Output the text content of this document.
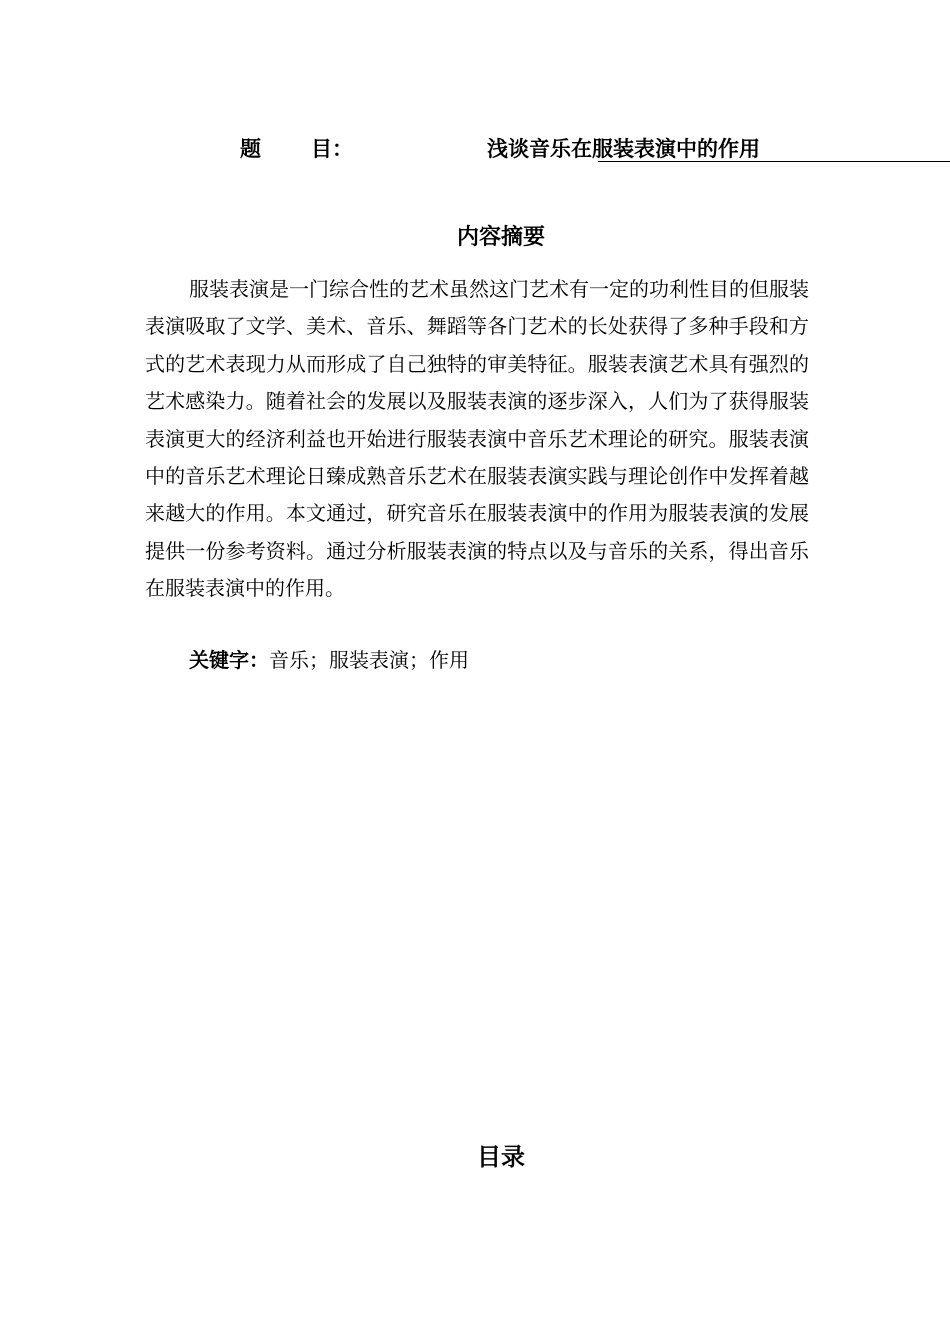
题 目：	浅谈音乐在服装表演中的作用
内容摘要

服装表演是一门综合性的艺术虽然这门艺术有一定的功利性目的但服装表演吸取了文学、美术、音乐、舞蹈等各门艺术的长处获得了多种手段和方式的艺术表现力从而形成了自己独特的审美特征。服装表演艺术具有强烈的艺术感染力。随着社会的发展以及服装表演的逐步深入，人们为了获得服装表演更大的经济利益也开始进行服装表演中音乐艺术理论的研究。服装表演中的音乐艺术理论日臻成熟音乐艺术在服装表演实践与理论创作中发挥着越来越大的作用。本文通过，研究音乐在服装表演中的作用为服装表演的发展提供一份参考资料。通过分析服装表演的特点以及与音乐的关系，得出音乐在服装表演中的作用。

关键字：音乐；服装表演；作用
目录
